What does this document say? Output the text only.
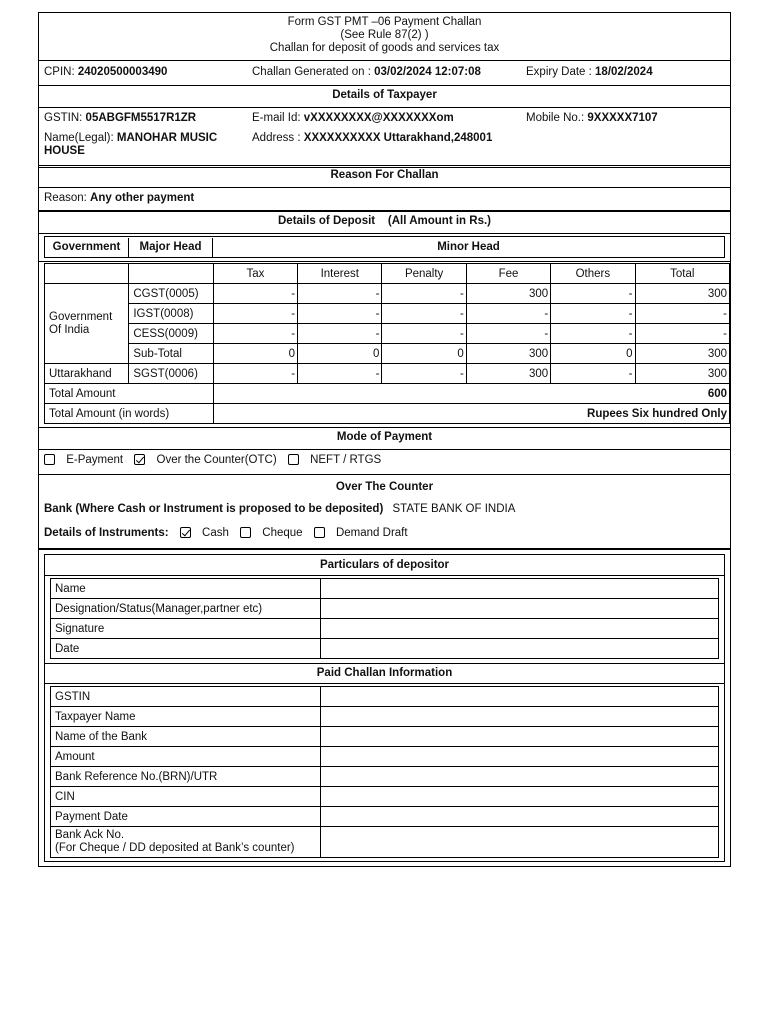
Form GST PMT –06 Payment Challan
(See Rule 87(2) )
Challan for deposit of goods and services tax
CPIN: 24020500003490	Challan Generated on : 03/02/2024 12:07:08	Expiry Date : 18/02/2024
Details of Taxpayer
GSTIN: 05ABGFM5517R1ZR	E-mail Id: vXXXXXXXX@XXXXXXXom	Mobile No.: 9XXXXX7107
Name(Legal): MANOHAR MUSIC
HOUSE
Address : XXXXXXXXXX Uttarakhand,248001
Reason For Challan
Reason: Any other payment
Details of Deposit (All Amount in Rs.)
Government	Major Head	Minor Head
		Tax	Interest	Penalty	Fee	Others	Total

Government
Of India	CGST(0005)	-	-	-	300	-	300
	IGST(0008)	-	-	-	-	-	-
	CESS(0009)	-	-	-	-	-	-
	Sub-Total	0	0	0	300	0	300
Uttarakhand	SGST(0006)	-	-	-	300	-	300
Total Amount		600					
Total Amount (in words)		Rupees Six hundred Only					
Mode of Payment
E-Payment	Over the Counter(OTC)	NEFT / RTGS
Over The Counter
Bank (Where Cash or Instrument is proposed to be deposited) STATE BANK OF INDIA
Details of Instruments:	Cash	Cheque	Demand Draft
Particulars of depositor
Name	
Designation/Status(Manager,partner etc)	
Signature	
Date	
Paid Challan Information
GSTIN	
Taxpayer Name	
Name of the Bank	
Amount	
Bank Reference No.(BRN)/UTR	
CIN	
Payment Date	

Bank Ack No.
(For Cheque / DD deposited at Bank’s counter)	
